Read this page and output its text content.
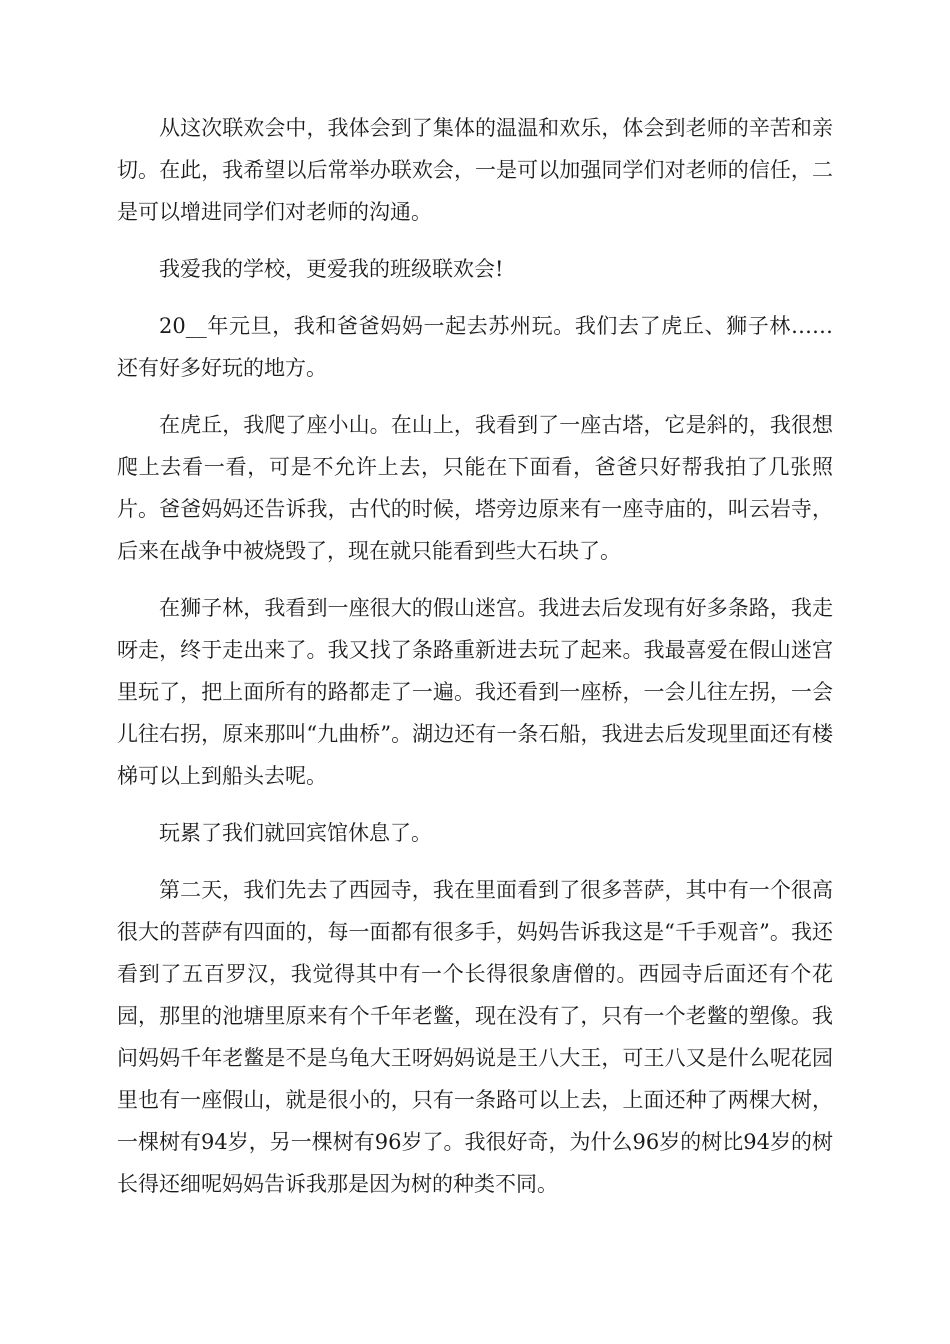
从这次联欢会中，我体会到了集体的温温和欢乐，体会到老师的辛苦和亲切。在此，我希望以后常举办联欢会，一是可以加强同学们对老师的信任，二是可以增进同学们对老师的沟通。

我爱我的学校，更爱我的班级联欢会!

20__年元旦，我和爸爸妈妈一起去苏州玩。我们去了虎丘、狮子林……还有好多好玩的地方。

在虎丘，我爬了座小山。在山上，我看到了一座古塔，它是斜的，我很想爬上去看一看，可是不允许上去，只能在下面看，爸爸只好帮我拍了几张照片。爸爸妈妈还告诉我，古代的时候，塔旁边原来有一座寺庙的，叫云岩寺，后来在战争中被烧毁了，现在就只能看到些大石块了。

在狮子林，我看到一座很大的假山迷宫。我进去后发现有好多条路，我走呀走，终于走出来了。我又找了条路重新进去玩了起来。我最喜爱在假山迷宫里玩了，把上面所有的路都走了一遍。我还看到一座桥，一会儿往左拐，一会儿往右拐，原来那叫“九曲桥”。湖边还有一条石船，我进去后发现里面还有楼梯可以上到船头去呢。

玩累了我们就回宾馆休息了。

第二天，我们先去了西园寺，我在里面看到了很多菩萨，其中有一个很高很大的菩萨有四面的，每一面都有很多手，妈妈告诉我这是“千手观音”。我还看到了五百罗汉，我觉得其中有一个长得很象唐僧的。西园寺后面还有个花园，那里的池塘里原来有个千年老鳖，现在没有了，只有一个老鳖的塑像。我问妈妈千年老鳖是不是乌龟大王呀妈妈说是王八大王，可王八又是什么呢花园里也有一座假山，就是很小的，只有一条路可以上去，上面还种了两棵大树，一棵树有94岁，另一棵树有96岁了。我很好奇，为什么96岁的树比94岁的树长得还细呢妈妈告诉我那是因为树的种类不同。
